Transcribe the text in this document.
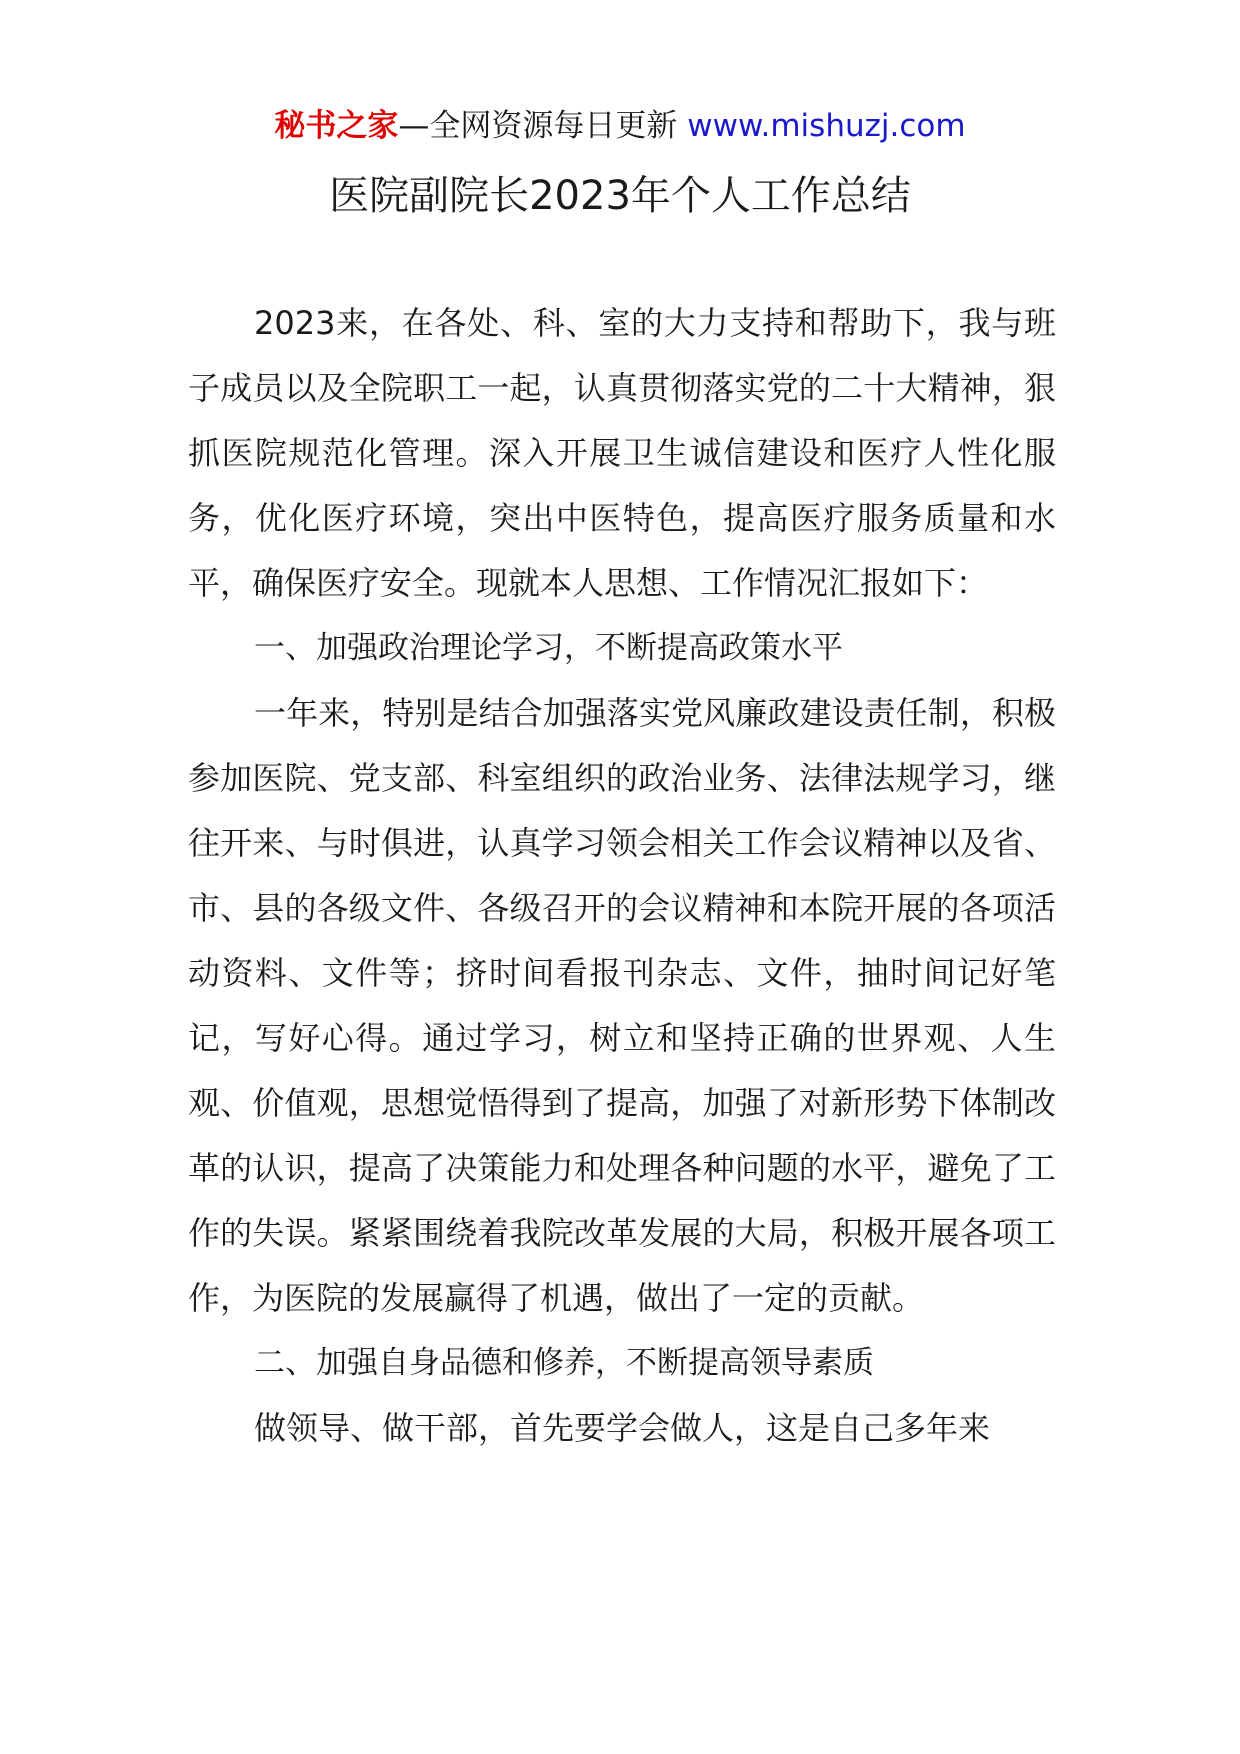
秘书之家—全网资源每日更新 www.mishuzj.com
医院副院长2023年个人工作总结

2023来，在各处、科、室的大力支持和帮助下，我与班子成员以及全院职工一起，认真贯彻落实党的二十大精神，狠抓医院规范化管理。深入开展卫生诚信建设和医疗人性化服务，优化医疗环境，突出中医特色，提高医疗服务质量和水平，确保医疗安全。现就本人思想、工作情况汇报如下：

一、加强政治理论学习，不断提高政策水平

一年来，特别是结合加强落实党风廉政建设责任制，积极参加医院、党支部、科室组织的政治业务、法律法规学习，继往开来、与时俱进，认真学习领会相关工作会议精神以及省、市、县的各级文件、各级召开的会议精神和本院开展的各项活动资料、文件等；挤时间看报刊杂志、文件，抽时间记好笔记，写好心得。通过学习，树立和坚持正确的世界观、人生观、价值观，思想觉悟得到了提高，加强了对新形势下体制改革的认识，提高了决策能力和处理各种问题的水平，避免了工作的失误。紧紧围绕着我院改革发展的大局，积极开展各项工作，为医院的发展赢得了机遇，做出了一定的贡献。

二、加强自身品德和修养，不断提高领导素质

做领导、做干部，首先要学会做人，这是自己多年来
